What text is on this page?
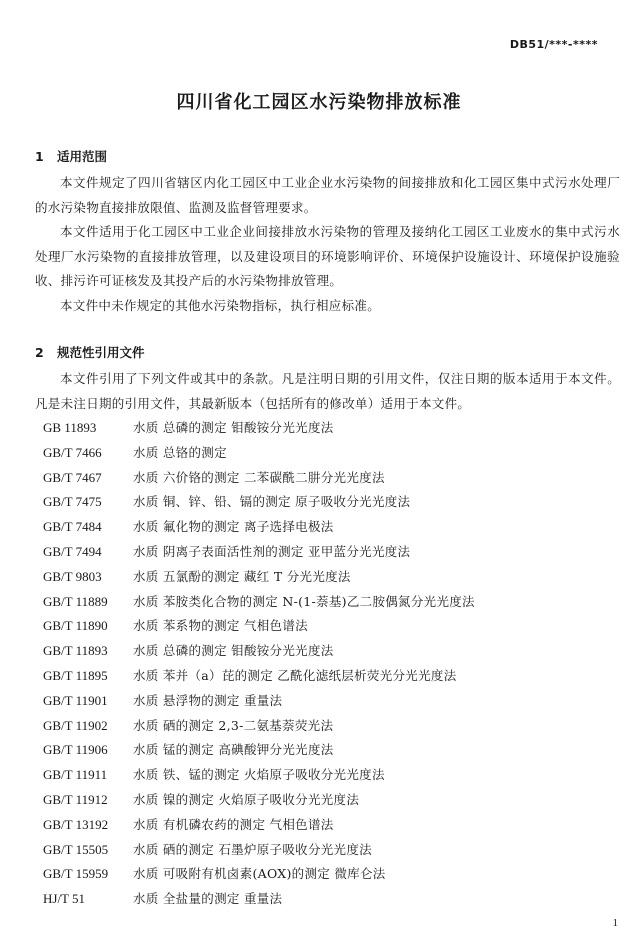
DB51/***-****
四川省化工园区水污染物排放标准
1 适用范围

本文件规定了四川省辖区内化工园区中工业企业水污染物的间接排放和化工园区集中式污水处理厂的水污染物直接排放限值、监测及监督管理要求。

本文件适用于化工园区中工业企业间接排放水污染物的管理及接纳化工园区工业废水的集中式污水处理厂水污染物的直接排放管理，以及建设项目的环境影响评价、环境保护设施设计、环境保护设施验收、排污许可证核发及其投产后的水污染物排放管理。

本文件中未作规定的其他水污染物指标，执行相应标准。

2 规范性引用文件

本文件引用了下列文件或其中的条款。凡是注明日期的引用文件，仅注日期的版本适用于本文件。凡是未注日期的引用文件，其最新版本（包括所有的修改单）适用于本文件。

GB 11893	水质 总磷的测定 钼酸铵分光光度法
GB/T 7466	水质 总铬的测定
GB/T 7467	水质 六价铬的测定 二苯碳酰二肼分光光度法
GB/T 7475	水质 铜、锌、铅、镉的测定 原子吸收分光光度法
GB/T 7484	水质 氟化物的测定 离子选择电极法
GB/T 7494	水质 阴离子表面活性剂的测定 亚甲蓝分光光度法
GB/T 9803	水质 五氯酚的测定 藏红 T 分光光度法
GB/T 11889	水质 苯胺类化合物的测定 N-(1-萘基)乙二胺偶氮分光光度法
GB/T 11890	水质 苯系物的测定 气相色谱法
GB/T 11893	水质 总磷的测定 钼酸铵分光光度法
GB/T 11895	水质 苯并（a）芘的测定 乙酰化滤纸层析荧光分光光度法
GB/T 11901	水质 悬浮物的测定 重量法
GB/T 11902	水质 硒的测定 2,3-二氨基萘荧光法
GB/T 11906	水质 锰的测定 高碘酸钾分光光度法
GB/T 11911	水质 铁、锰的测定 火焰原子吸收分光光度法
GB/T 11912	水质 镍的测定 火焰原子吸收分光光度法
GB/T 13192	水质 有机磷农药的测定 气相色谱法
GB/T 15505	水质 硒的测定 石墨炉原子吸收分光光度法
GB/T 15959	水质 可吸附有机卤素(AOX)的测定 微库仑法
HJ/T 51	水质 全盐量的测定 重量法
1
